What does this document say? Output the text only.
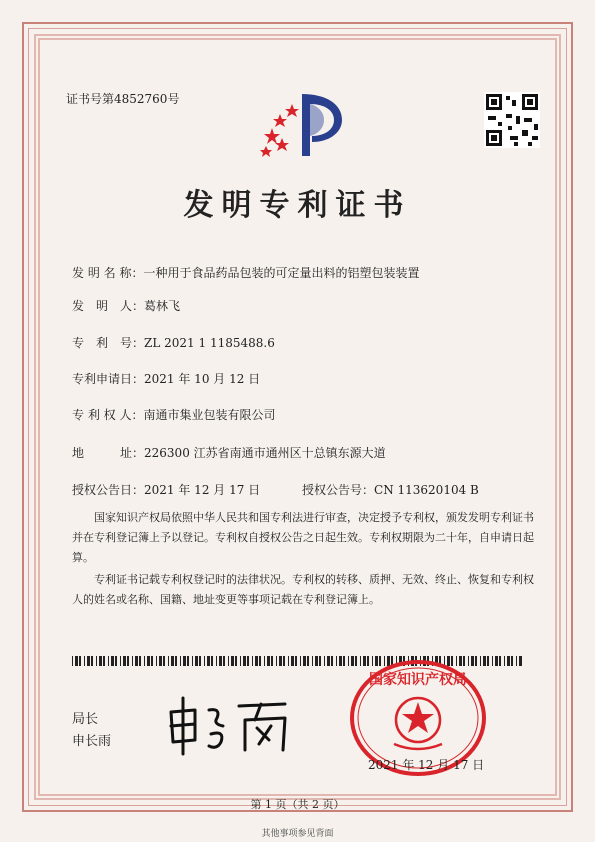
证书号第4852760号
发明专利证书
发 明 名 称：一种用于食品药品包装的可定量出料的铝塑包装装置
发　明　人：葛林飞
专　利　号：ZL 2021 1 1185488.6
专利申请日：2021 年 10 月 12 日
专 利 权 人：南通市集业包装有限公司
地　　　址：226300 江苏省南通市通州区十总镇东源大道
授权公告日：2021 年 12 月 17 日	授权公告号：CN 113620104 B
国家知识产权局依照中华人民共和国专利法进行审查，决定授予专利权，颁发发明专利证书并在专利登记簿上予以登记。专利权自授权公告之日起生效。专利权期限为二十年，自申请日起算。
专利证书记载专利权登记时的法律状况。专利权的转移、质押、无效、终止、恢复和专利权人的姓名或名称、国籍、地址变更等事项记载在专利登记簿上。
局长
申长雨
国家知识产权局
2021 年 12 月 17 日
第 1 页（共 2 页）
其他事项参见背面
